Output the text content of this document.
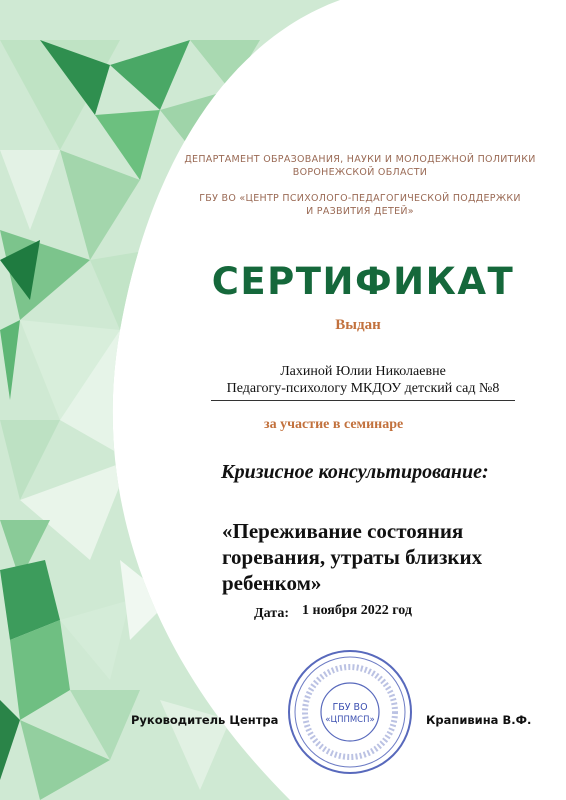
ДЕПАРТАМЕНТ ОБРАЗОВАНИЯ, НАУКИ И МОЛОДЕЖНОЙ ПОЛИТИКИ
ВОРОНЕЖСКОЙ ОБЛАСТИ
ГБУ ВО «ЦЕНТР ПСИХОЛОГО-ПЕДАГОГИЧЕСКОЙ ПОДДЕРЖКИ
И РАЗВИТИЯ ДЕТЕЙ»
СЕРТИФИКАТ
Выдан
Лахиной Юлии Николаевне
Педагогу-психологу МКДОУ детский сад №8
за участие в семинаре
Кризисное консультирование:
«Переживание состояния горевания, утраты близких ребенком»
Дата: 1 ноября 2022 год
ГБУ ВО
«ЦППМСП»
Руководитель Центра	Крапивина В.Ф.
